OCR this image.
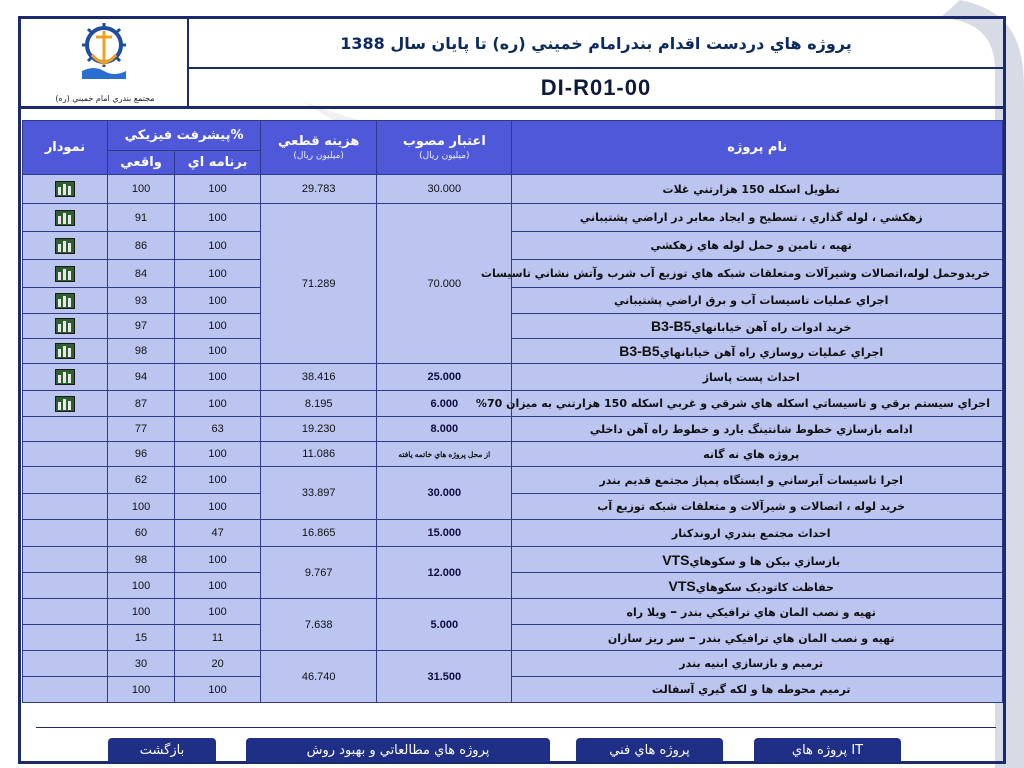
مجتمع بندري امام خميني (ره)
پروژه هاي دردست اقدام بندرامام خميني (ره) تا پايان سال 1388
DI-R01-00
نام پروژه	اعتبار مصوب
(ميليون ريال)	هزينه قطعي
(ميليون ريال)	%پيشرفت فيزيكي		نمودار
			برنامه اي	واقعي	
تطويل اسكله 150 هزارتني غلات	30.000	29.783	100	100	
زهكشي ، لوله گذاري ، تسطيح و ايجاد معابر در اراضي پشتيباني	70.000	71.289	100	91	
تهيه ، تامين و حمل لوله هاي زهكشي			100	86	
خريدوحمل لوله،اتصالات وشيرآلات ومتعلقات شبكه هاي توزيع آب شرب وآتش نشاني تاسيسات			100	84	
اجراي عمليات تاسيسات آب و برق اراضي پشتيباني			100	93	
خريد ادوات راه آهن خيابانهايB3-B5			100	97	
اجراي عمليات روسازي راه آهن خيابانهايB3-B5			100	98	
احداث پست پاساژ	25.000	38.416	100	94	
اجراي سيستم برقي و تاسيساتي اسكله هاي شرقي و غربي اسكله 150 هزارتني به ميزان 70%	6.000	8.195	100	87	
ادامه بازسازي خطوط شانتينگ يارد و خطوط راه آهن داخلي	8.000	19.230	63	77	
پروژه هاي نه گانه	از محل پروژه هاي خاتمه يافته	11.086	100	96	
اجرا تاسيسات آبرساني و ايستگاه پمپاژ مجتمع قديم بندر	30.000	33.897	100	62	
خريد لوله ، اتصالات و شيرآلات و متعلقات شبكه توزيع آب			100	100	
احداث مجتمع بندري اروندكنار	15.000	16.865	47	60	
بازسازي بيكن ها و سكوهايVTS	12.000	9.767	100	98	
حفاظت كاتوديک سكوهايVTS			100	100	
تهيه و نصب المان هاي ترافيکي بندر – ويلا راه	5.000	7.638	100	100	
تهيه و نصب المان هاي ترافيکي بندر – سر ريز سازان			11	15	
ترميم و بازسازي ابنيه بندر	31.500	46.740	20	30	
ترميم محوطه ها و لكه گيري آسفالت			100	100	
پروژه هاي IT
پروژه هاي فني
پروژه هاي مطالعاتي و بهبود روش
بازگشت
